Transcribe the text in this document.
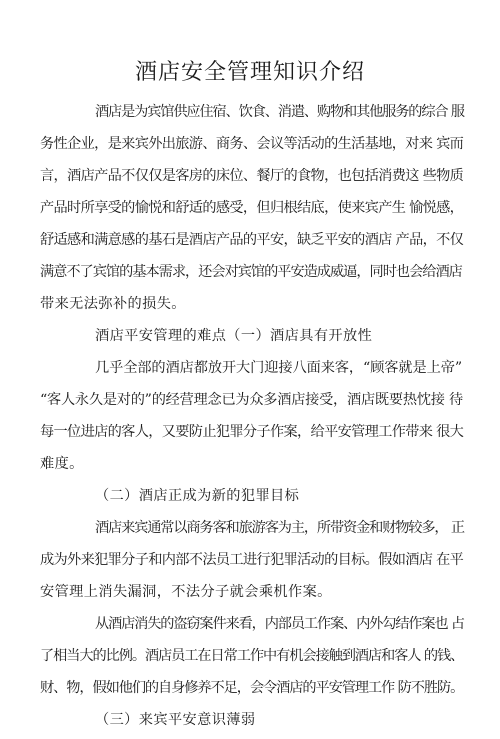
酒店安全管理知识介绍
酒店是为宾馆供应住宿、饮食、消遣、购物和其他服务的综合 服
务性企业，是来宾外出旅游、商务、会议等活动的生活基地，对来 宾而
言，酒店产品不仅仅是客房的床位、餐厅的食物，也包括消费这 些物质
产品时所享受的愉悦和舒适的感受，但归根结底，使来宾产生 愉悦感，
舒适感和满意感的基石是酒店产品的平安，缺乏平安的酒店 产品，不仅
满意不了宾馆的基本需求，还会对宾馆的平安造成威逼，同时也会给酒店
带来无法弥补的损失。
酒店平安管理的难点（一）酒店具有开放性
几乎全部的酒店都放开大门迎接八面来客，“顾客就是上帝”
“客人永久是对的”的经营理念已为众多酒店接受，酒店既要热忱接 待
每一位进店的客人，又要防止犯罪分子作案，给平安管理工作带来 很大
难度。
（二）酒店正成为新的犯罪目标
酒店来宾通常以商务客和旅游客为主，所带资金和财物较多， 正
成为外来犯罪分子和内部不法员工进行犯罪活动的目标。假如酒店 在平
安管理上消失漏洞，不法分子就会乘机作案。
从酒店消失的盗窃案件来看，内部员工作案、内外勾结作案也 占
了相当大的比例。酒店员工在日常工作中有机会接触到酒店和客人 的钱、
财、物，假如他们的自身修养不足，会令酒店的平安管理工作 防不胜防。
（三）来宾平安意识薄弱
